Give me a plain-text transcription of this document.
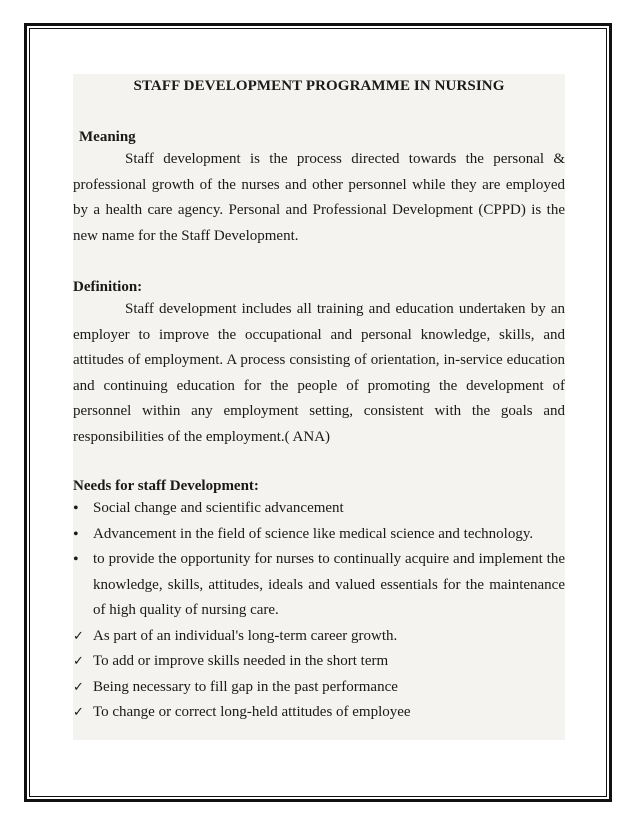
STAFF DEVELOPMENT PROGRAMME IN NURSING
Meaning

Staff development is the process directed towards the personal & professional growth of the nurses and other personnel while they are employed by a health care agency. Personal and Professional Development (CPPD) is the new name for the Staff Development.

Definition:

Staff development includes all training and education undertaken by an employer to improve the occupational and personal knowledge, skills, and attitudes of employment. A process consisting of orientation, in-service education and continuing education for the people of promoting the development of personnel within any employment setting, consistent with the goals and responsibilities of the employment.( ANA)

Needs for staff Development:
•
Social change and scientific advancement
•
Advancement in the field of science like medical science and technology.
•
to provide the opportunity for nurses to continually acquire and implement the knowledge, skills, attitudes, ideals and valued essentials for the maintenance of high quality of nursing care.
✓
As part of an individual's long-term career growth.
✓
To add or improve skills needed in the short term
✓
Being necessary to fill gap in the past performance
✓
To change or correct long-held attitudes of employee
